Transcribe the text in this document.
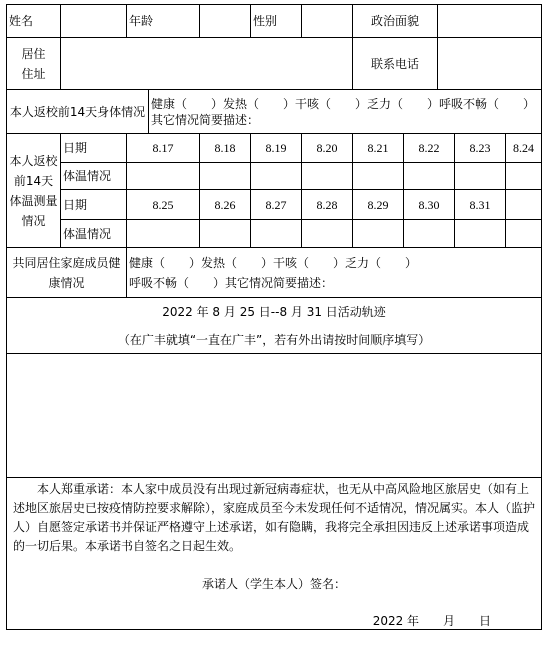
姓名		年龄			性别		政治面貌				
居住住址							联系电话				
本人返校前14天身体情况			健康（　　）发热（　　）干咳（　　）乏力（　　）呼吸不畅（　　）
其它情况简要描述：								

本人返校前14天体温测量情况	日期	8.17		8.18	8.19	8.20	8.21	8.22		8.23	8.24
	体温情况										
	日期	8.25		8.26	8.27	8.28	8.29	8.30		8.31	
	体温情况										
共同居住家庭成员健康情况		健康（　　）发热（　　）干咳（　　）乏力（　　）
呼吸不畅（　　）其它情况简要描述：									

2022 年 8 月 25 日--8 月 31 日活动轨迹
（在广丰就填“一直在广丰”，若有外出请按时间顺序填写）											

本人郑重承诺：本人家中成员没有出现过新冠病毒症状，也无从中高风险地区旅居史（如有上述地区旅居史已按疫情防控要求解除），家庭成员至今未发现任何不适情况，情况属实。本人（监护人）自愿签定承诺书并保证严格遵守上述承诺，如有隐瞒，我将完全承担因违反上述承诺事项造成的一切后果。本承诺书自签名之日起生效。
承诺人（学生本人）签名：
2022 年　　月　　日											
